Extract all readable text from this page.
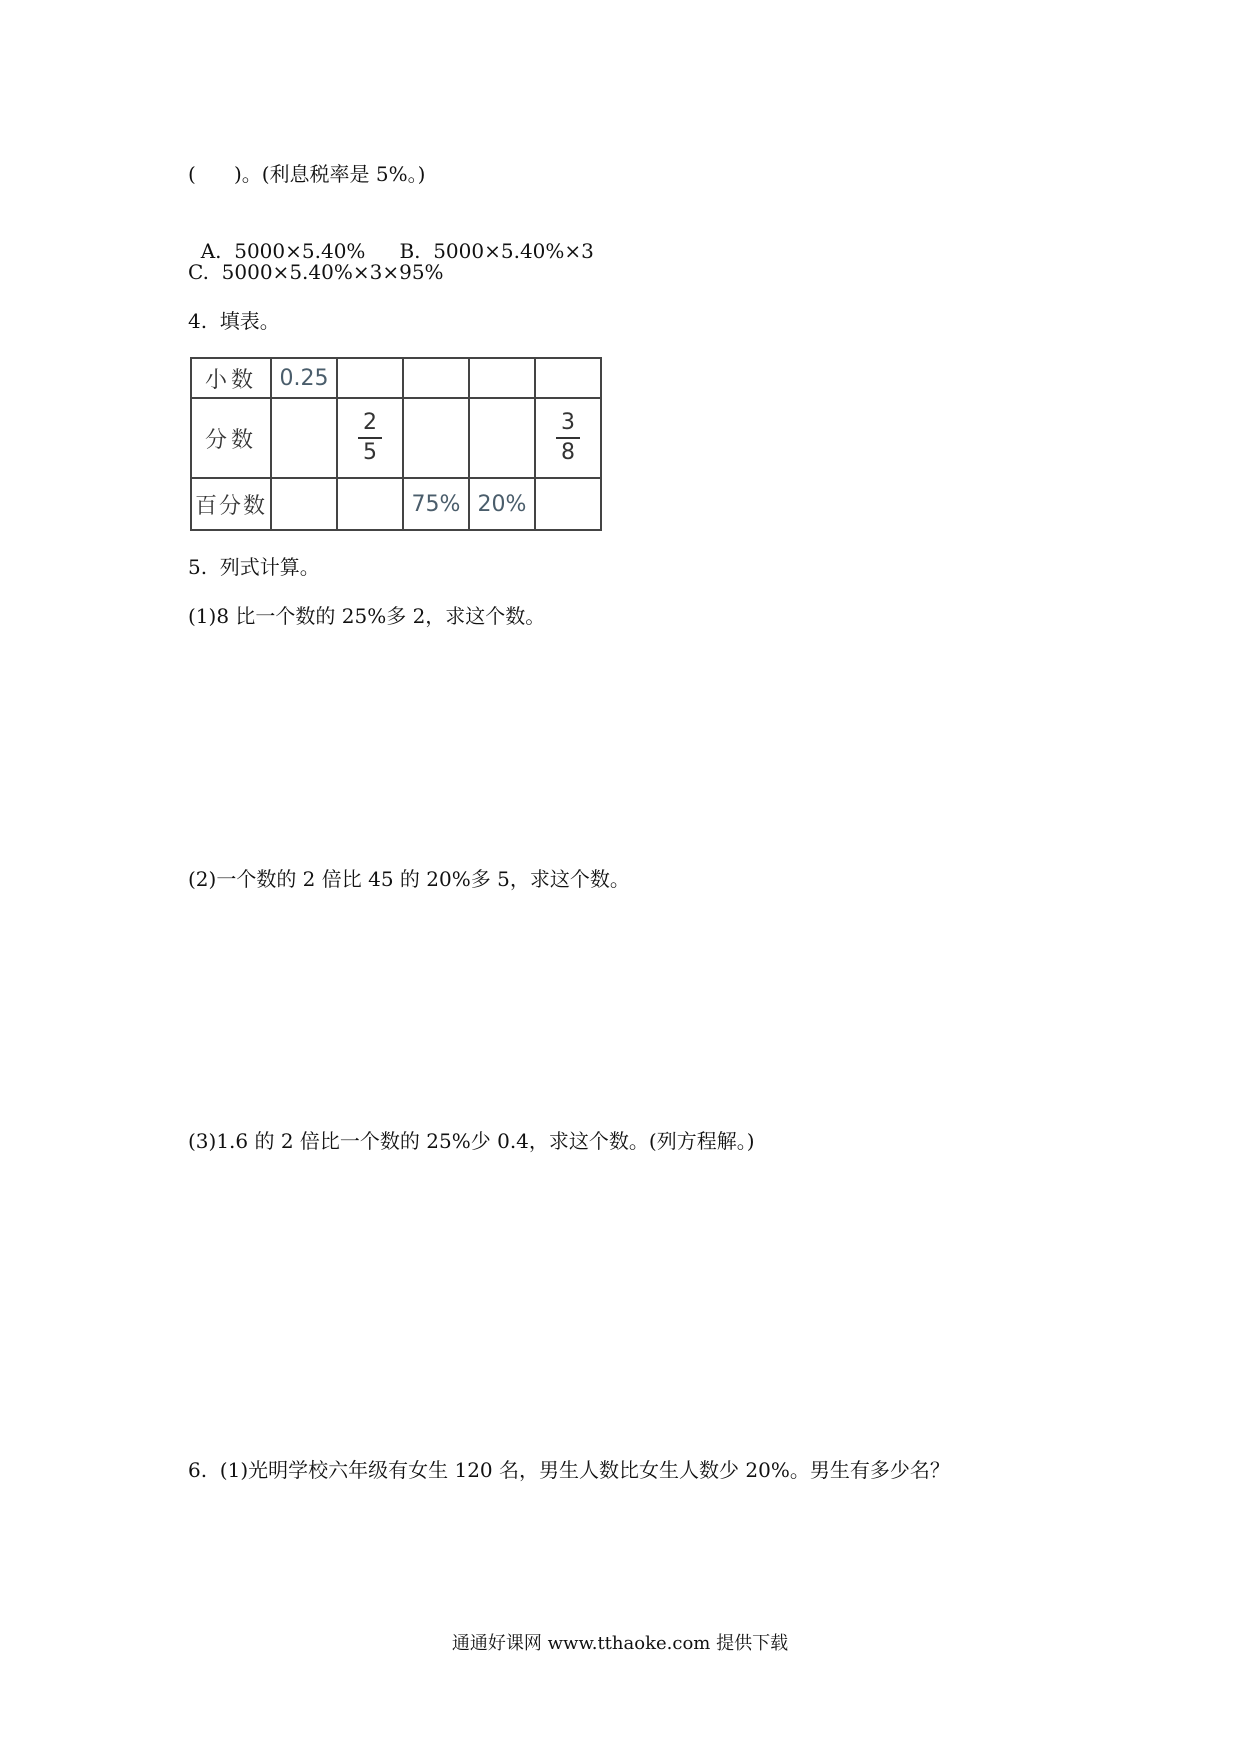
(      )。(利息税率是 5%。)

A.  5000×5.40% B.  5000×5.40%×3

C.  5000×5.40%×3×95%
4.  填表。
小数	0.25				
分数		$\frac{2}{5}$			$\frac{3}{8}$

百分数			75%	20%	
5.  列式计算。
(1)8 比一个数的 25%多 2，求这个数。
(2)一个数的 2 倍比 45 的 20%多 5，求这个数。
(3)1.6 的 2 倍比一个数的 25%少 0.4，求这个数。(列方程解。)
6.  (1)光明学校六年级有女生 120 名，男生人数比女生人数少 20%。男生有多少名？
通通好课网 www.tthaoke.com 提供下载
